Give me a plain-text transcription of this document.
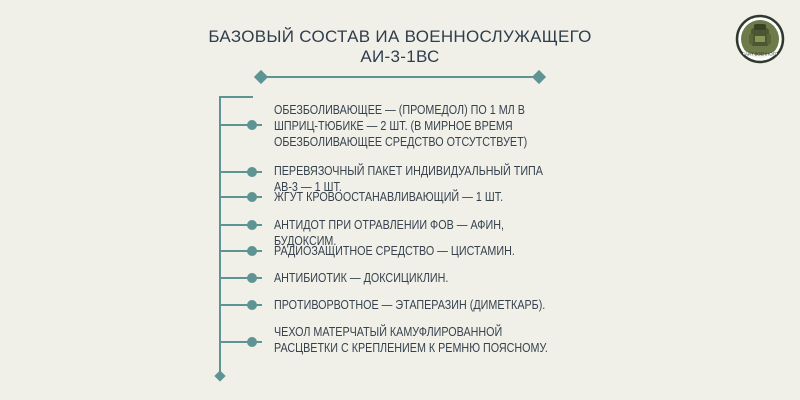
БАЗОВЫЙ СОСТАВ ИА ВОЕННОСЛУЖАЩЕГО
АИ-3-1ВС
ОБЕЗБОЛИВАЮЩЕЕ — (ПРОМЕДОЛ) ПО 1 МЛ В ШПРИЦ-ТЮБИКЕ — 2 ШТ. (В МИРНОЕ ВРЕМЯ ОБЕЗБОЛИВАЮЩЕЕ СРЕДСТВО ОТСУТСТВУЕТ)
ПЕРЕВЯЗОЧНЫЙ ПАКЕТ ИНДИВИДУАЛЬНЫЙ ТИПА АВ-3 — 1 ШТ.
ЖГУТ КРОВООСТАНАВЛИВАЮЩИЙ — 1 ШТ.
АНТИДОТ ПРИ ОТРАВЛЕНИИ ФОВ — АФИН, БУДОКСИМ.
РАДИОЗАЩИТНОЕ СРЕДСТВО — ЦИСТАМИН.
АНТИБИОТИК — ДОКСИЦИКЛИН.
ПРОТИВОРВОТНОЕ — ЭТАПЕРАЗИН (ДИМЕТКАРБ).
ЧЕХОЛ МАТЕРЧАТЫЙ КАМУФЛИРОВАННОЙ РАСЦВЕТКИ С КРЕПЛЕНИЕМ К РЕМНЮ ПОЯСНОМУ.
САЙТ ВОЕННОГО
